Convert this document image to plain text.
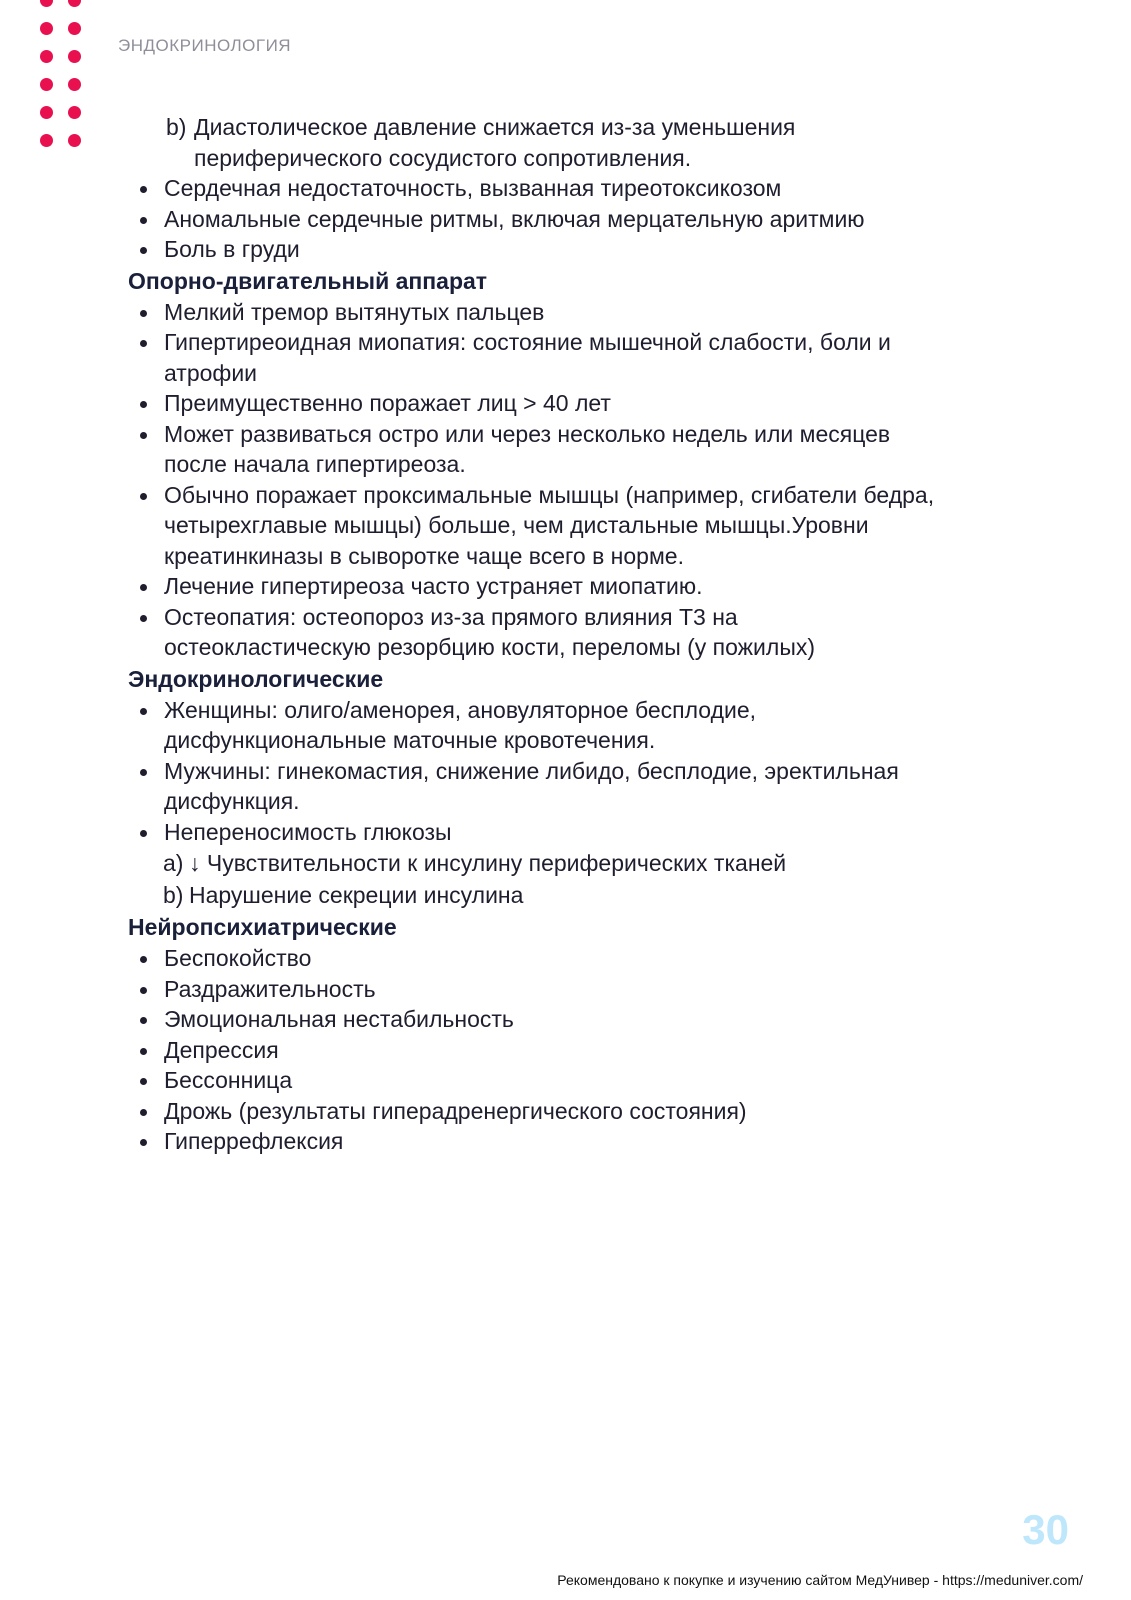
ЭНДОКРИНОЛОГИЯ
b) Диастолическое давление снижается из-за уменьшения
периферического сосудистого сопротивления.
Сердечная недостаточность, вызванная тиреотоксикозом
Аномальные сердечные ритмы, включая мерцательную аритмию
Боль в груди
Опорно-двигательный аппарат
Мелкий тремор вытянутых пальцев
Гипертиреоидная миопатия: состояние мышечной слабости, боли и
атрофии
Преимущественно поражает лиц > 40 лет
Может развиваться остро или через несколько недель или месяцев
после начала гипертиреоза.
Обычно поражает проксимальные мышцы (например, сгибатели бедра,
четырехглавые мышцы) больше, чем дистальные мышцы.Уровни
креатинкиназы в сыворотке чаще всего в норме.
Лечение гипертиреоза часто устраняет миопатию.
Остеопатия: остеопороз из-за прямого влияния Т3 на
остеокластическую резорбцию кости, переломы (у пожилых)
Эндокринологические
Женщины: олиго/аменорея, ановуляторное бесплодие,
дисфункциональные маточные кровотечения.
Мужчины: гинекомастия, снижение либидо, бесплодие, эректильная
дисфункция.
Непереносимость глюкозы
a) ↓ Чувствительности к инсулину периферических тканей
b) Нарушение секреции инсулина
Нейропсихиатрические
Беспокойство
Раздражительность
Эмоциональная нестабильность
Депрессия
Бессонница
Дрожь (результаты гиперадренергического состояния)
Гиперрефлексия
30
Рекомендовано к покупке и изучению сайтом МедУнивер - https://meduniver.com/
